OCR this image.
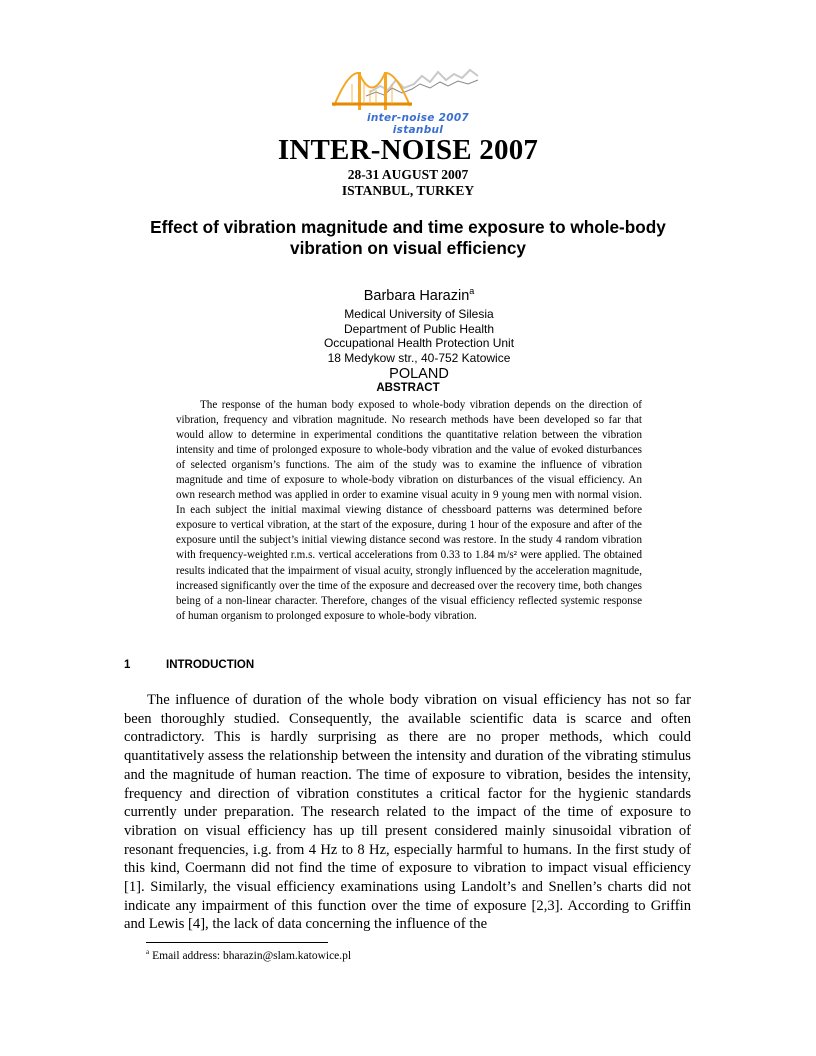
inter-noise 2007 istanbul
INTER-NOISE 2007
28-31 AUGUST 2007
ISTANBUL, TURKEY
Effect of vibration magnitude and time exposure to whole-body vibration on visual efficiency
Barbara Harazin$^a$
Medical University of Silesia
Department of Public Health
Occupational Health Protection Unit
18 Medykow str., 40-752 Katowice
POLAND
ABSTRACT

The response of the human body exposed to whole-body vibration depends on the direction of vibration, frequency and vibration magnitude. No research methods have been developed so far that would allow to determine in experimental conditions the quantitative relation between the vibration intensity and time of prolonged exposure to whole-body vibration and the value of evoked disturbances of selected organism’s functions. The aim of the study was to examine the influence of vibration magnitude and time of exposure to whole-body vibration on disturbances of the visual efficiency. An own research method was applied in order to examine visual acuity in 9 young men with normal vision. In each subject the initial maximal viewing distance of chessboard patterns was determined before exposure to vertical vibration, at the start of the exposure, during 1 hour of the exposure and after of the exposure until the subject’s initial viewing distance second was restore. In the study 4 random vibration with frequency-weighted r.m.s. vertical accelerations from 0.33 to 1.84 m/s² were applied. The obtained results indicated that the impairment of visual acuity, strongly influenced by the acceleration magnitude, increased significantly over the time of the exposure and decreased over the recovery time, both changes being of a non-linear character. Therefore, changes of the visual efficiency reflected systemic response of human organism to prolonged exposure to whole-body vibration.

1	INTRODUCTION

The influence of duration of the whole body vibration on visual efficiency has not so far been thoroughly studied. Consequently, the available scientific data is scarce and often contradictory. This is hardly surprising as there are no proper methods, which could quantitatively assess the relationship between the intensity and duration of the vibrating stimulus and the magnitude of human reaction. The time of exposure to vibration, besides the intensity, frequency and direction of vibration constitutes a critical factor for the hygienic standards currently under preparation. The research related to the impact of the time of exposure to vibration on visual efficiency has up till present considered mainly sinusoidal vibration of resonant frequencies, i.g. from 4 Hz to 8 Hz, especially harmful to humans. In the first study of this kind, Coermann did not find the time of exposure to vibration to impact visual efficiency [1]. Similarly, the visual efficiency examinations using Landolt’s and Snellen’s charts did not indicate any impairment of this function over the time of exposure [2,3]. According to Griffin and Lewis [4], the lack of data concerning the influence of the

$^a$ Email address: bharazin@slam.katowice.pl
